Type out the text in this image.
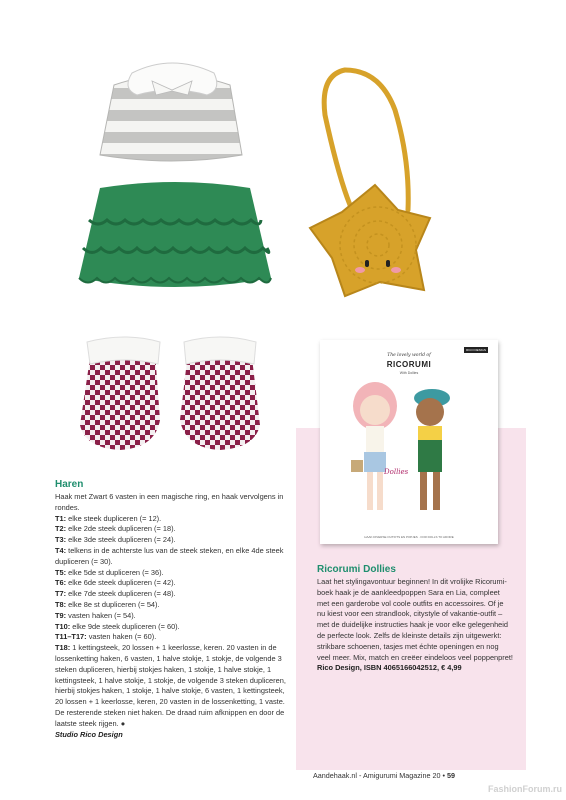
RICO DESIGN
The lovely world of
RICORUMI
With Dollies
Dollies
HAAK DIVERSE OUTFITS EN POPJES · FOR DOLLS TO ADORE
Haren

Haak met Zwart 6 vasten in een magische ring, en haak vervolgens in rondes.

T1: elke steek dupliceren (= 12).

T2: elke 2de steek dupliceren (= 18).

T3: elke 3de steek dupliceren (= 24).

T4: telkens in de achterste lus van de steek steken, en elke 4de steek dupliceren (= 30).

T5: elke 5de st dupliceren (= 36).

T6: elke 6de steek dupliceren (= 42).

T7: elke 7de steek dupliceren (= 48).

T8: elke 8e st dupliceren (= 54).

T9: vasten haken (= 54).

T10: elke 9de steek dupliceren (= 60).

T11–T17: vasten haken (= 60).

T18: 1 kettingsteek, 20 lossen + 1 keerlosse, keren. 20 vasten in de lossenketting haken, 6 vasten, 1 halve stokje, 1 stokje, de volgende 3 steken dupliceren, hierbij stokjes haken, 1 stokje, 1 halve stokje, 1 kettingsteek, 1 halve stokje, 1 stokje, de volgende 3 steken dupliceren, hierbij stokjes haken, 1 stokje, 1 halve stokje, 6 vasten, 1 kettingsteek, 20 lossen + 1 keerlosse, keren, 20 vasten in de lossenketting, 1 vaste. De resterende steken niet haken. De draad ruim afknippen en door de laatste steek rijgen. ●

Studio Rico Design

Ricorumi Dollies

Laat het stylingavontuur beginnen! In dit vrolijke Ricorumi-boek haak je de aankleedpoppen Sara en Lia, compleet met een garderobe vol coole outfits en accessoires. Of je nu kiest voor een strandlook, citystyle of vakantie-outfit – met de duidelijke instructies haak je voor elke gelegenheid de perfecte look. Zelfs de kleinste details zijn uitgewerkt: strikbare schoenen, tasjes met échte openingen en nog veel meer. Mix, match en creëer eindeloos veel poppenpret!

Rico Design, ISBN 4065166042512, € 4,99

Aandehaak.nl - Amigurumi Magazine 20 • 59
FashionForum.ru
